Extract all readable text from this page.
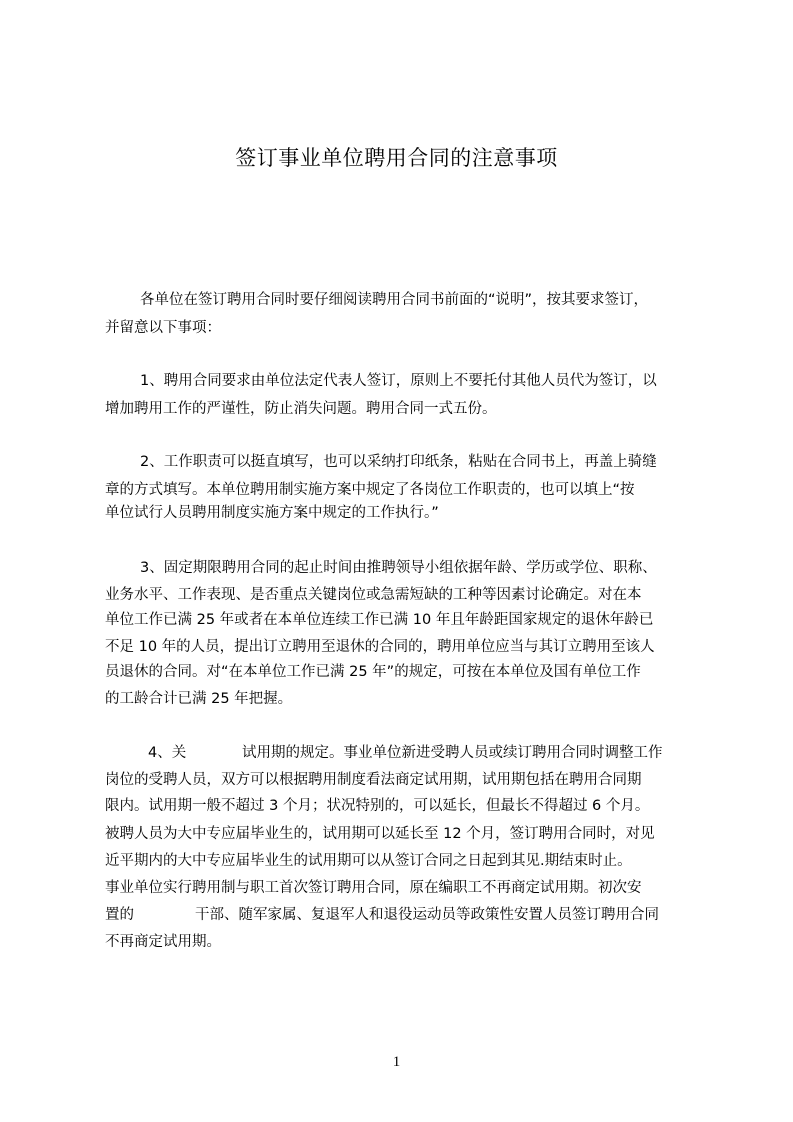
签订事业单位聘用合同的注意事项
各单位在签订聘用合同时要仔细阅读聘用合同书前面的“说明”，按其要求签订，
并留意以下事项：
1、聘用合同要求由单位法定代表人签订，原则上不要托付其他人员代为签订，以
增加聘用工作的严谨性，防止消失问题。聘用合同一式五份。
2、工作职责可以挺直填写，也可以采纳打印纸条，粘贴在合同书上，再盖上骑缝
章的方式填写。本单位聘用制实施方案中规定了各岗位工作职责的，也可以填上“按
单位试行人员聘用制度实施方案中规定的工作执行。”
3、固定期限聘用合同的起止时间由推聘领导小组依据年龄、学历或学位、职称、
业务水平、工作表现、是否重点关键岗位或急需短缺的工种等因素讨论确定。对在本
单位工作已满 25 年或者在本单位连续工作已满 10 年且年龄距国家规定的退休年龄已
不足 10 年的人员，提出订立聘用至退休的合同的，聘用单位应当与其订立聘用至该人
员退休的合同。对“在本单位工作已满 25 年”的规定，可按在本单位及国有单位工作
的工龄合计已满 25 年把握。
4、关	试用期的规定。事业单位新进受聘人员或续订聘用合同时调整工作
岗位的受聘人员，双方可以根据聘用制度看法商定试用期，试用期包括在聘用合同期
限内。试用期一般不超过 3 个月；状况特别的，可以延长，但最长不得超过 6 个月。
被聘人员为大中专应届毕业生的，试用期可以延长至 12 个月，签订聘用合同时，对见
近平期内的大中专应届毕业生的试用期可以从签订合同之日起到其见.期结束时止。
事业单位实行聘用制与职工首次签订聘用合同，原在编职工不再商定试用期。初次安
置的	干部、随军家属、复退军人和退役运动员等政策性安置人员签订聘用合同
不再商定试用期。
1
